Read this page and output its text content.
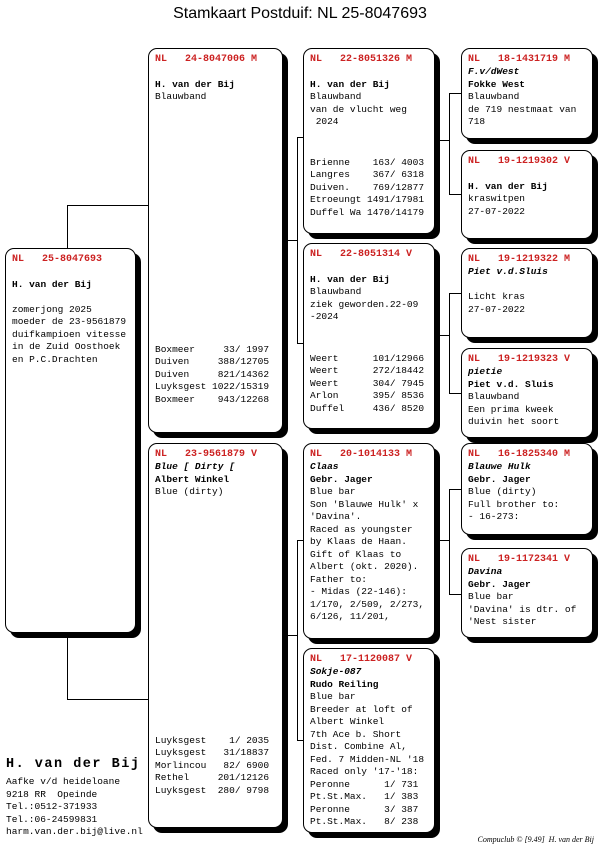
Stamkaart Postduif: NL 25-8047693
NL   25-8047693

H. van der Bij

zomerjong 2025
moeder de 23-9561879
duifkampioen vitesse
in de Zuid Oosthoek
en P.C.Drachten
NL   24-8047006 M

H. van der Bij
Blauwband
Boxmeer     33/ 1997
Duiven     388/12705
Duiven     821/14362
Luyksgest 1022/15319
Boxmeer    943/12268
NL   23-9561879 V
Blue [ Dirty [
Albert Winkel
Blue (dirty)
Luyksgest    1/ 2035
Luyksgest   31/18837
Morlincou   82/ 6900
Rethel     201/12126
Luyksgest  280/ 9798
NL   22-8051326 M

H. van der Bij
Blauwband
van de vlucht weg
2024
Brienne    163/ 4003
Langres    367/ 6318
Duiven.    769/12877
Etroeungt 1491/17981
Duffel Wa 1470/14179
NL   22-8051314 V

H. van der Bij
Blauwband
ziek geworden.22-09
-2024
Weert      101/12966
Weert      272/18442
Weert      304/ 7945
Arlon      395/ 8536
Duffel     436/ 8520
NL   20-1014133 M
Claas
Gebr. Jager
Blue bar
Son 'Blauwe Hulk' x
'Davina'.
Raced as youngster
by Klaas de Haan.
Gift of Klaas to
Albert (okt. 2020).
Father to:
- Midas (22-146):
1/170, 2/509, 2/273,
6/126, 11/201,
NL   17-1120087 V
Sokje-087
Rudo Reiling
Blue bar
Breeder at loft of
Albert Winkel
7th Ace b. Short
Dist. Combine Al,
Fed. 7 Midden-NL '18
Raced only '17-'18:
Peronne      1/ 731
Pt.St.Max.   1/ 383
Peronne      3/ 387
Pt.St.Max.   8/ 238
NL   18-1431719 M
F.v/dWest
Fokke West
Blauwband
de 719 nestmaat van
718
NL   19-1219302 V

H. van der Bij
kraswitpen
27-07-2022
NL   19-1219322 M
Piet v.d.Sluis

Licht kras
27-07-2022
NL   19-1219323 V
pietie
Piet v.d. Sluis
Blauwband
Een prima kweek
duivin het soort
NL   16-1825340 M
Blauwe Hulk
Gebr. Jager
Blue (dirty)
Full brother to:
- 16-273:
NL   19-1172341 V
Davina
Gebr. Jager
Blue bar
'Davina' is dtr. of
'Nest sister
H. van der Bij
Aafke v/d heideloane
9218 RR  Opeinde
Tel.:0512-371933
Tel.:06-24599831
harm.van.der.bij@live.nl
Compuclub © [9.49]  H. van der Bij
